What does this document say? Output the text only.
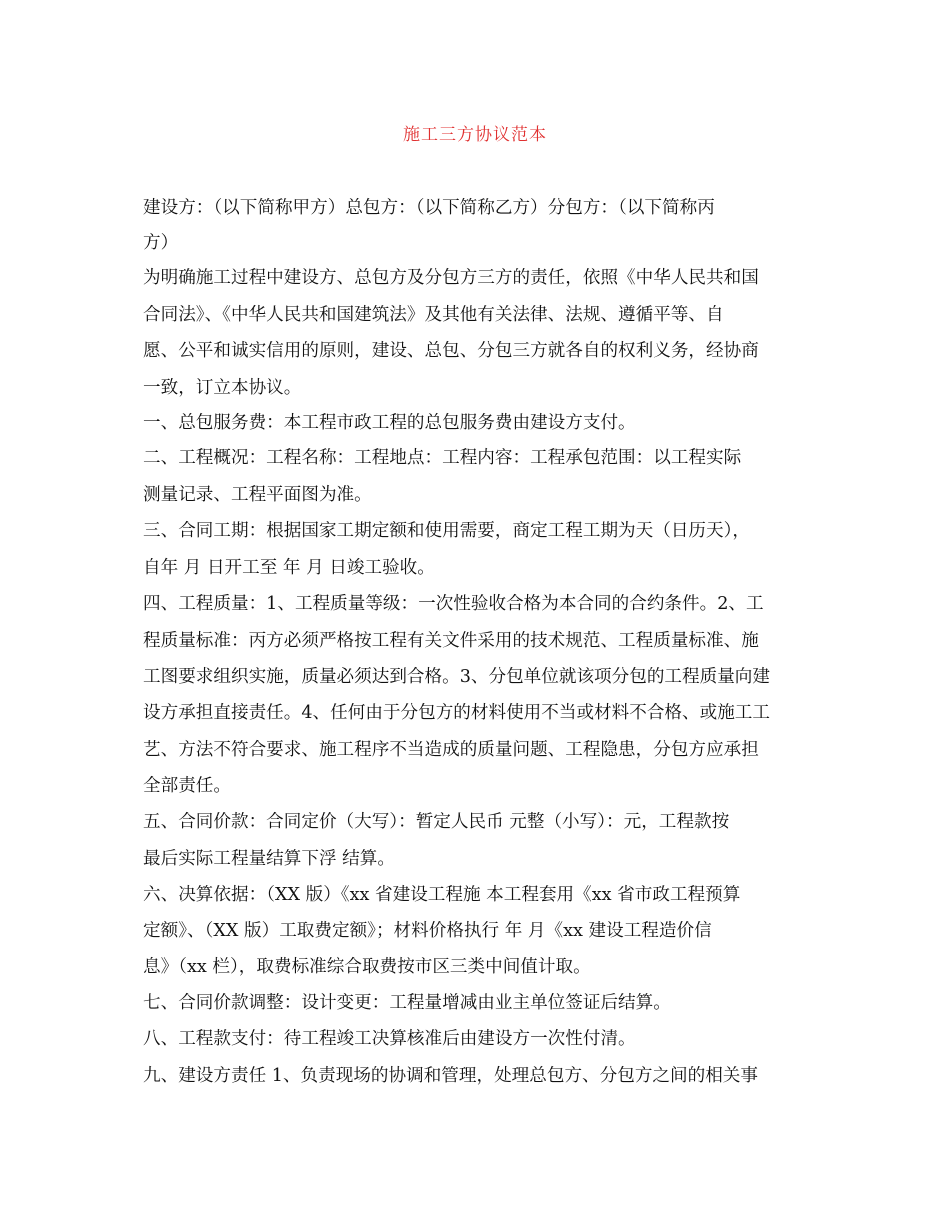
施工三方协议范本
建设方：（以下简称甲方）总包方：（以下简称乙方）分包方：（以下简称丙
方）
为明确施工过程中建设方、总包方及分包方三方的责任，依照《中华人民共和国
合同法》、《中华人民共和国建筑法》及其他有关法律、法规、遵循平等、自
愿、公平和诚实信用的原则，建设、总包、分包三方就各自的权利义务，经协商
一致，订立本协议。
一、总包服务费：本工程市政工程的总包服务费由建设方支付。
二、工程概况：工程名称：工程地点：工程内容：工程承包范围：以工程实际
测量记录、工程平面图为准。
三、合同工期：根据国家工期定额和使用需要，商定工程工期为天（日历天），
自年 月 日开工至 年 月 日竣工验收。
四、工程质量：1、工程质量等级：一次性验收合格为本合同的合约条件。2、工
程质量标准：丙方必须严格按工程有关文件采用的技术规范、工程质量标准、施
工图要求组织实施，质量必须达到合格。3、分包单位就该项分包的工程质量向建
设方承担直接责任。4、任何由于分包方的材料使用不当或材料不合格、或施工工
艺、方法不符合要求、施工程序不当造成的质量问题、工程隐患，分包方应承担
全部责任。
五、合同价款：合同定价（大写）：暂定人民币 元整（小写）：元，工程款按
最后实际工程量结算下浮 结算。
六、决算依据：（XX 版）《xx 省建设工程施 本工程套用《xx 省市政工程预算
定额》、（XX 版）工取费定额》；材料价格执行 年 月《xx 建设工程造价信
息》（xx 栏），取费标准综合取费按市区三类中间值计取。
七、合同价款调整：设计变更：工程量增减由业主单位签证后结算。
八、工程款支付：待工程竣工决算核准后由建设方一次性付清。
九、建设方责任 1、负责现场的协调和管理，处理总包方、分包方之间的相关事
